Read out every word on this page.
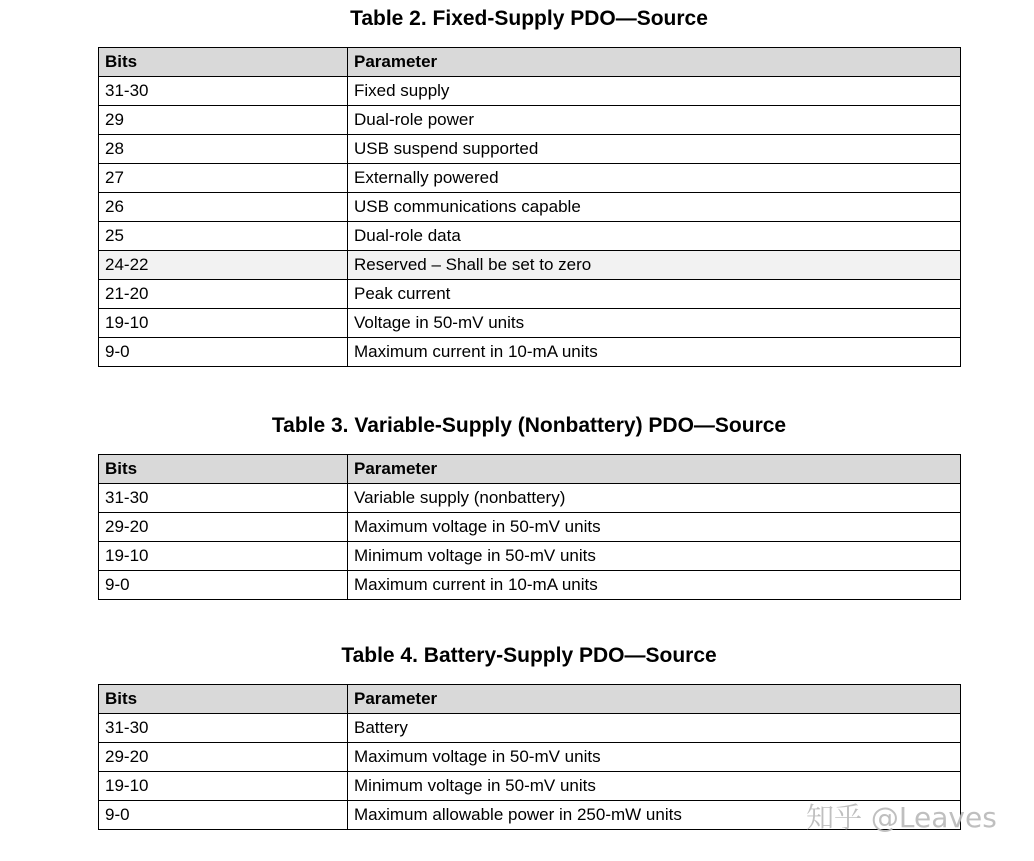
Table 2. Fixed-Supply PDO—Source
Bits	Parameter
31-30	Fixed supply
29	Dual-role power
28	USB suspend supported
27	Externally powered
26	USB communications capable
25	Dual-role data
24-22	Reserved – Shall be set to zero
21-20	Peak current
19-10	Voltage in 50-mV units
9-0	Maximum current in 10-mA units
Table 3. Variable-Supply (Nonbattery) PDO—Source
Bits	Parameter
31-30	Variable supply (nonbattery)
29-20	Maximum voltage in 50-mV units
19-10	Minimum voltage in 50-mV units
9-0	Maximum current in 10-mA units
Table 4. Battery-Supply PDO—Source
Bits	Parameter
31-30	Battery
29-20	Maximum voltage in 50-mV units
19-10	Minimum voltage in 50-mV units
9-0	Maximum allowable power in 250-mW units	知乎 @Leaves
